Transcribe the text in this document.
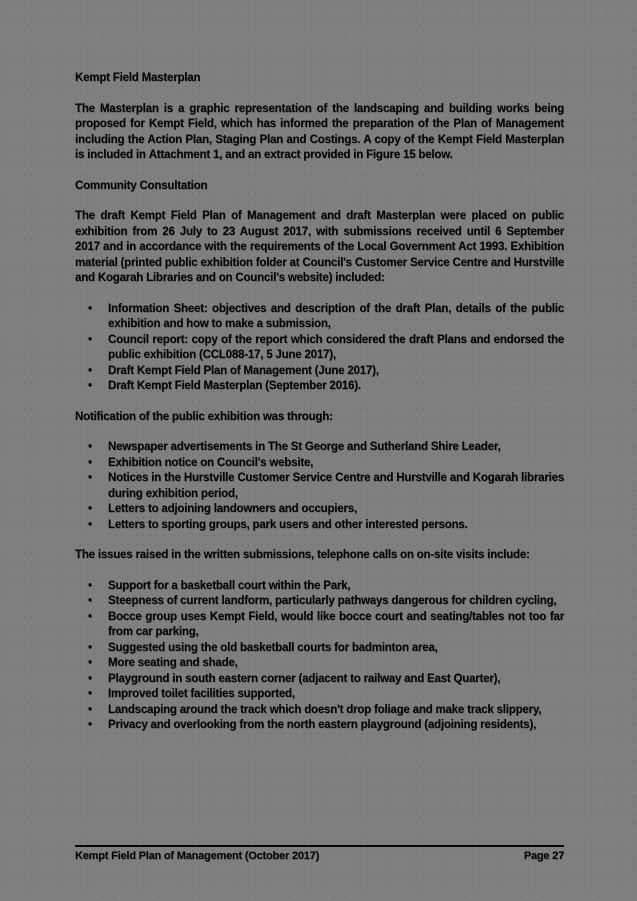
Kempt Field Masterplan

The Masterplan is a graphic representation of the landscaping and building works being proposed for Kempt Field, which has informed the preparation of the Plan of Management including the Action Plan, Staging Plan and Costings. A copy of the Kempt Field Masterplan is included in Attachment 1, and an extract provided in Figure 15 below.

Community Consultation

The draft Kempt Field Plan of Management and draft Masterplan were placed on public exhibition from 26 July to 23 August 2017, with submissions received until 6 September 2017 and in accordance with the requirements of the Local Government Act 1993. Exhibition material (printed public exhibition folder at Council's Customer Service Centre and Hurstville and Kogarah Libraries and on Council's website) included:

• Information Sheet: objectives and description of the draft Plan, details of the public exhibition and how to make a submission,
• Council report: copy of the report which considered the draft Plans and endorsed the public exhibition (CCL088-17, 5 June 2017),
• Draft Kempt Field Plan of Management (June 2017),
• Draft Kempt Field Masterplan (September 2016).

Notification of the public exhibition was through:

• Newspaper advertisements in The St George and Sutherland Shire Leader,
• Exhibition notice on Council's website,
• Notices in the Hurstville Customer Service Centre and Hurstville and Kogarah libraries during exhibition period,
• Letters to adjoining landowners and occupiers,
• Letters to sporting groups, park users and other interested persons.

The issues raised in the written submissions, telephone calls on on-site visits include:

• Support for a basketball court within the Park,
• Steepness of current landform, particularly pathways dangerous for children cycling,
• Bocce group uses Kempt Field, would like bocce court and seating/tables not too far from car parking,
• Suggested using the old basketball courts for badminton area,
• More seating and shade,
• Playground in south eastern corner (adjacent to railway and East Quarter),
• Improved toilet facilities supported,
• Landscaping around the track which doesn't drop foliage and make track slippery,
• Privacy and overlooking from the north eastern playground (adjoining residents),
Kempt Field Plan of Management (October 2017)	Page 27
